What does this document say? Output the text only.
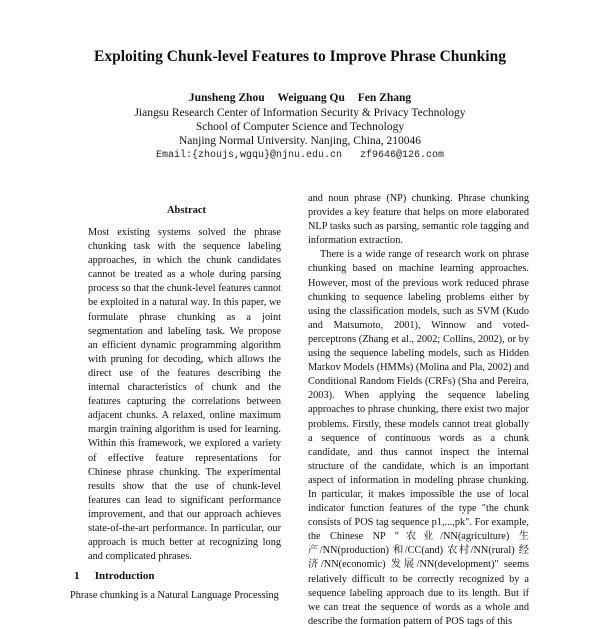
Exploiting Chunk-level Features to Improve Phrase Chunking
Junsheng Zhou Weiguang Qu Fen Zhang
Jiangsu Research Center of Information Security & Privacy Technology
School of Computer Science and Technology
Nanjing Normal University. Nanjing, China, 210046
Email:{zhoujs,wgqu}@njnu.edu.cn zf9646@126.com
Abstract
Most existing systems solved the phrase chunking task with the sequence labeling approaches, in which the chunk candidates cannot be treated as a whole during parsing process so that the chunk-level features cannot be exploited in a natural way. In this paper, we formulate phrase chunking as a joint segmentation and labeling task. We propose an efficient dynamic programming algorithm with pruning for decoding, which allows the direct use of the features describing the internal characteristics of chunk and the features capturing the correlations between adjacent chunks. A relaxed, online maximum margin training algorithm is used for learning. Within this framework, we explored a variety of effective feature representations for Chinese phrase chunking. The experimental results show that the use of chunk-level features can lead to significant performance improvement, and that our approach achieves state-of-the-art performance. In particular, our approach is much better at recognizing long and complicated phrases.
1 Introduction
Phrase chunking is a Natural Language Processing

and noun phrase (NP) chunking. Phrase chunking provides a key feature that helps on more elaborated NLP tasks such as parsing, semantic role tagging and information extraction.

There is a wide range of research work on phrase chunking based on machine learning approaches. However, most of the previous work reduced phrase chunking to sequence labeling problems either by using the classification models, such as SVM (Kudo and Matsumoto, 2001), Winnow and voted-perceptrons (Zhang et al., 2002; Collins, 2002), or by using the sequence labeling models, such as Hidden Markov Models (HMMs) (Molina and Pla, 2002) and Conditional Random Fields (CRFs) (Sha and Pereira, 2003). When applying the sequence labeling approaches to phrase chunking, there exist two major problems. Firstly, these models cannot treat globally a sequence of continuous words as a chunk candidate, and thus cannot inspect the internal structure of the candidate, which is an important aspect of information in modeling phrase chunking. In particular, it makes impossible the use of local indicator function features of the type "the chunk consists of POS tag sequence p1,...,pk". For example, the Chinese NP "农业/NN(agriculture) 生产/NN(production) 和/CC(and) 农村/NN(rural) 经济/NN(economic) 发展/NN(development)" seems relatively difficult to be correctly recognized by a sequence labeling approach due to its length. But if we can treat the sequence of words as a whole and describe the formation pattern of POS tags of this
